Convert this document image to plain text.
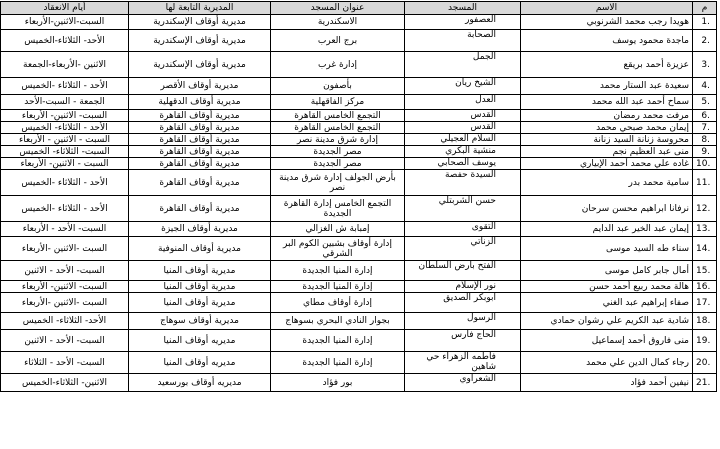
م	الاسم	المسجد	عنوان المسجد	المديرية التابعة لها	أيام الانعقاد
1.	هويدا رجب محمد الشرنوبي	العصفور	الاسكندرية	مديرية أوقاف الإسكندرية	السبت-الاثنين-الأربعاء
2.	ماجدة محمود يوسف	الصحابة	برج العرب	مديرية أوقاف الإسكندرية	الأحد- الثلاثاء-الخميس
3.	عزيزة أحمد بريقع	الجمل	إدارة غرب	مديرية أوقاف الإسكندرية	الاثنين -الأربعاء-الجمعة
4.	سعيدة عبد الستار محمد	الشيخ ريان	بأصفون	مديرية أوقاف الأقصر	الأحد - الثلاثاء -الخميس
5.	سماح أحمد عبد الله محمد	العدل	مركز الفاقهلية	مديرية أوقاف الدقهلية	الجمعة - السبت-الأحد
6.	مرفت محمد رمضان	القدس	التجمع الخامس القاهرة	مديرية أوقاف القاهرة	السبت- الاثنين- الأربعاء
7.	إيمان محمد صبحي محمد	القدس	التجمع الخامس القاهرة	مديرية أوقاف القاهرة	الأحد - الثلاثاء- الخميس
8.	محروسة زنانة السيد زنانة	السلام العجيلي	إدارة شرق مدينة نصر	مديرية أوقاف القاهرة	السبت - الاثنين - الأربعاء
9.	منى عبد العظيم نجم	منشية البكري	مصر الجديدة	مديرية أوقاف القاهرة	السبت- الثلاثاء- الخميس
10.	غاده علي محمد أحمد الإبياري	يوسف الصحابي	مصر الجديدة	مديرية أوقاف القاهرة	السبت - الاثنين- الأربعاء
11.	سامية محمد بدر	السيدة حفصة	بأرض الجولف إدارة شرق مدينة نصر	مديرية أوقاف القاهرة	الأحد - الثلاثاء -الخميس
12.	نرفانا ابراهيم محسن سرحان	حسن الشربتلي	التجمع الخامس إدارة القاهرة الجديدة	مديرية أوقاف القاهرة	الأحد - الثلاثاء -الخميس
13.	إيمان عبد الخير عبد الدايم	التقوى	إمبابة ش الغزالي	مديرية أوقاف الجيزة	السبت- الأحد - الأربعاء
14.	سناء طه السيد موسى	الزناتي	إدارة أوقاف بشبين الكوم البر الشرقي	مديرية أوقاف المنوفية	السبت -الاثنين -الأربعاء
15.	أمال جابر كامل موسى	الفتح بأرض السلطان	إدارة المنيا الجديدة	مديرية أوقاف المنيا	السبت- الأحد - الاثنين
16.	هالة محمد ربيع أحمد حسن	نور الإسلام	إدارة المنيا الجديدة	مديرية أوقاف المنيا	السبت- الاثنين- الأربعاء
17.	صفاء إبراهيم عبد الغني	أبوبكر الصديق	إدارة أوقاف مطاي	مديرية أوقاف المنيا	السبت -الاثنين -الأربعاء
18.	شادية عبد الكريم علي رشوان حمادي	الرسول	بجوار النادي البحري بسوهاج	مديرية أوقاف سوهاج	الأحد- الثلاثاء- الخميس
19.	منى فاروق أحمد إسماعيل	الحاج فارس	إدارة المنيا الجديدة	مديريه أوقاف المنيا	السبت- الأحد - الاثنين
20.	رجاء كمال الدين علي محمد	فاطمه الزهراء حي شاهين	إدارة المنيا الجديدة	مديريه أوقاف المنيا	السبت- الأحد - الثلاثاء
21.	نيفين أحمد فؤاد	الشعراوي	بور فؤاد	مديريه أوقاف بورسعيد	الاثنين- الثلاثاء-الخميس
